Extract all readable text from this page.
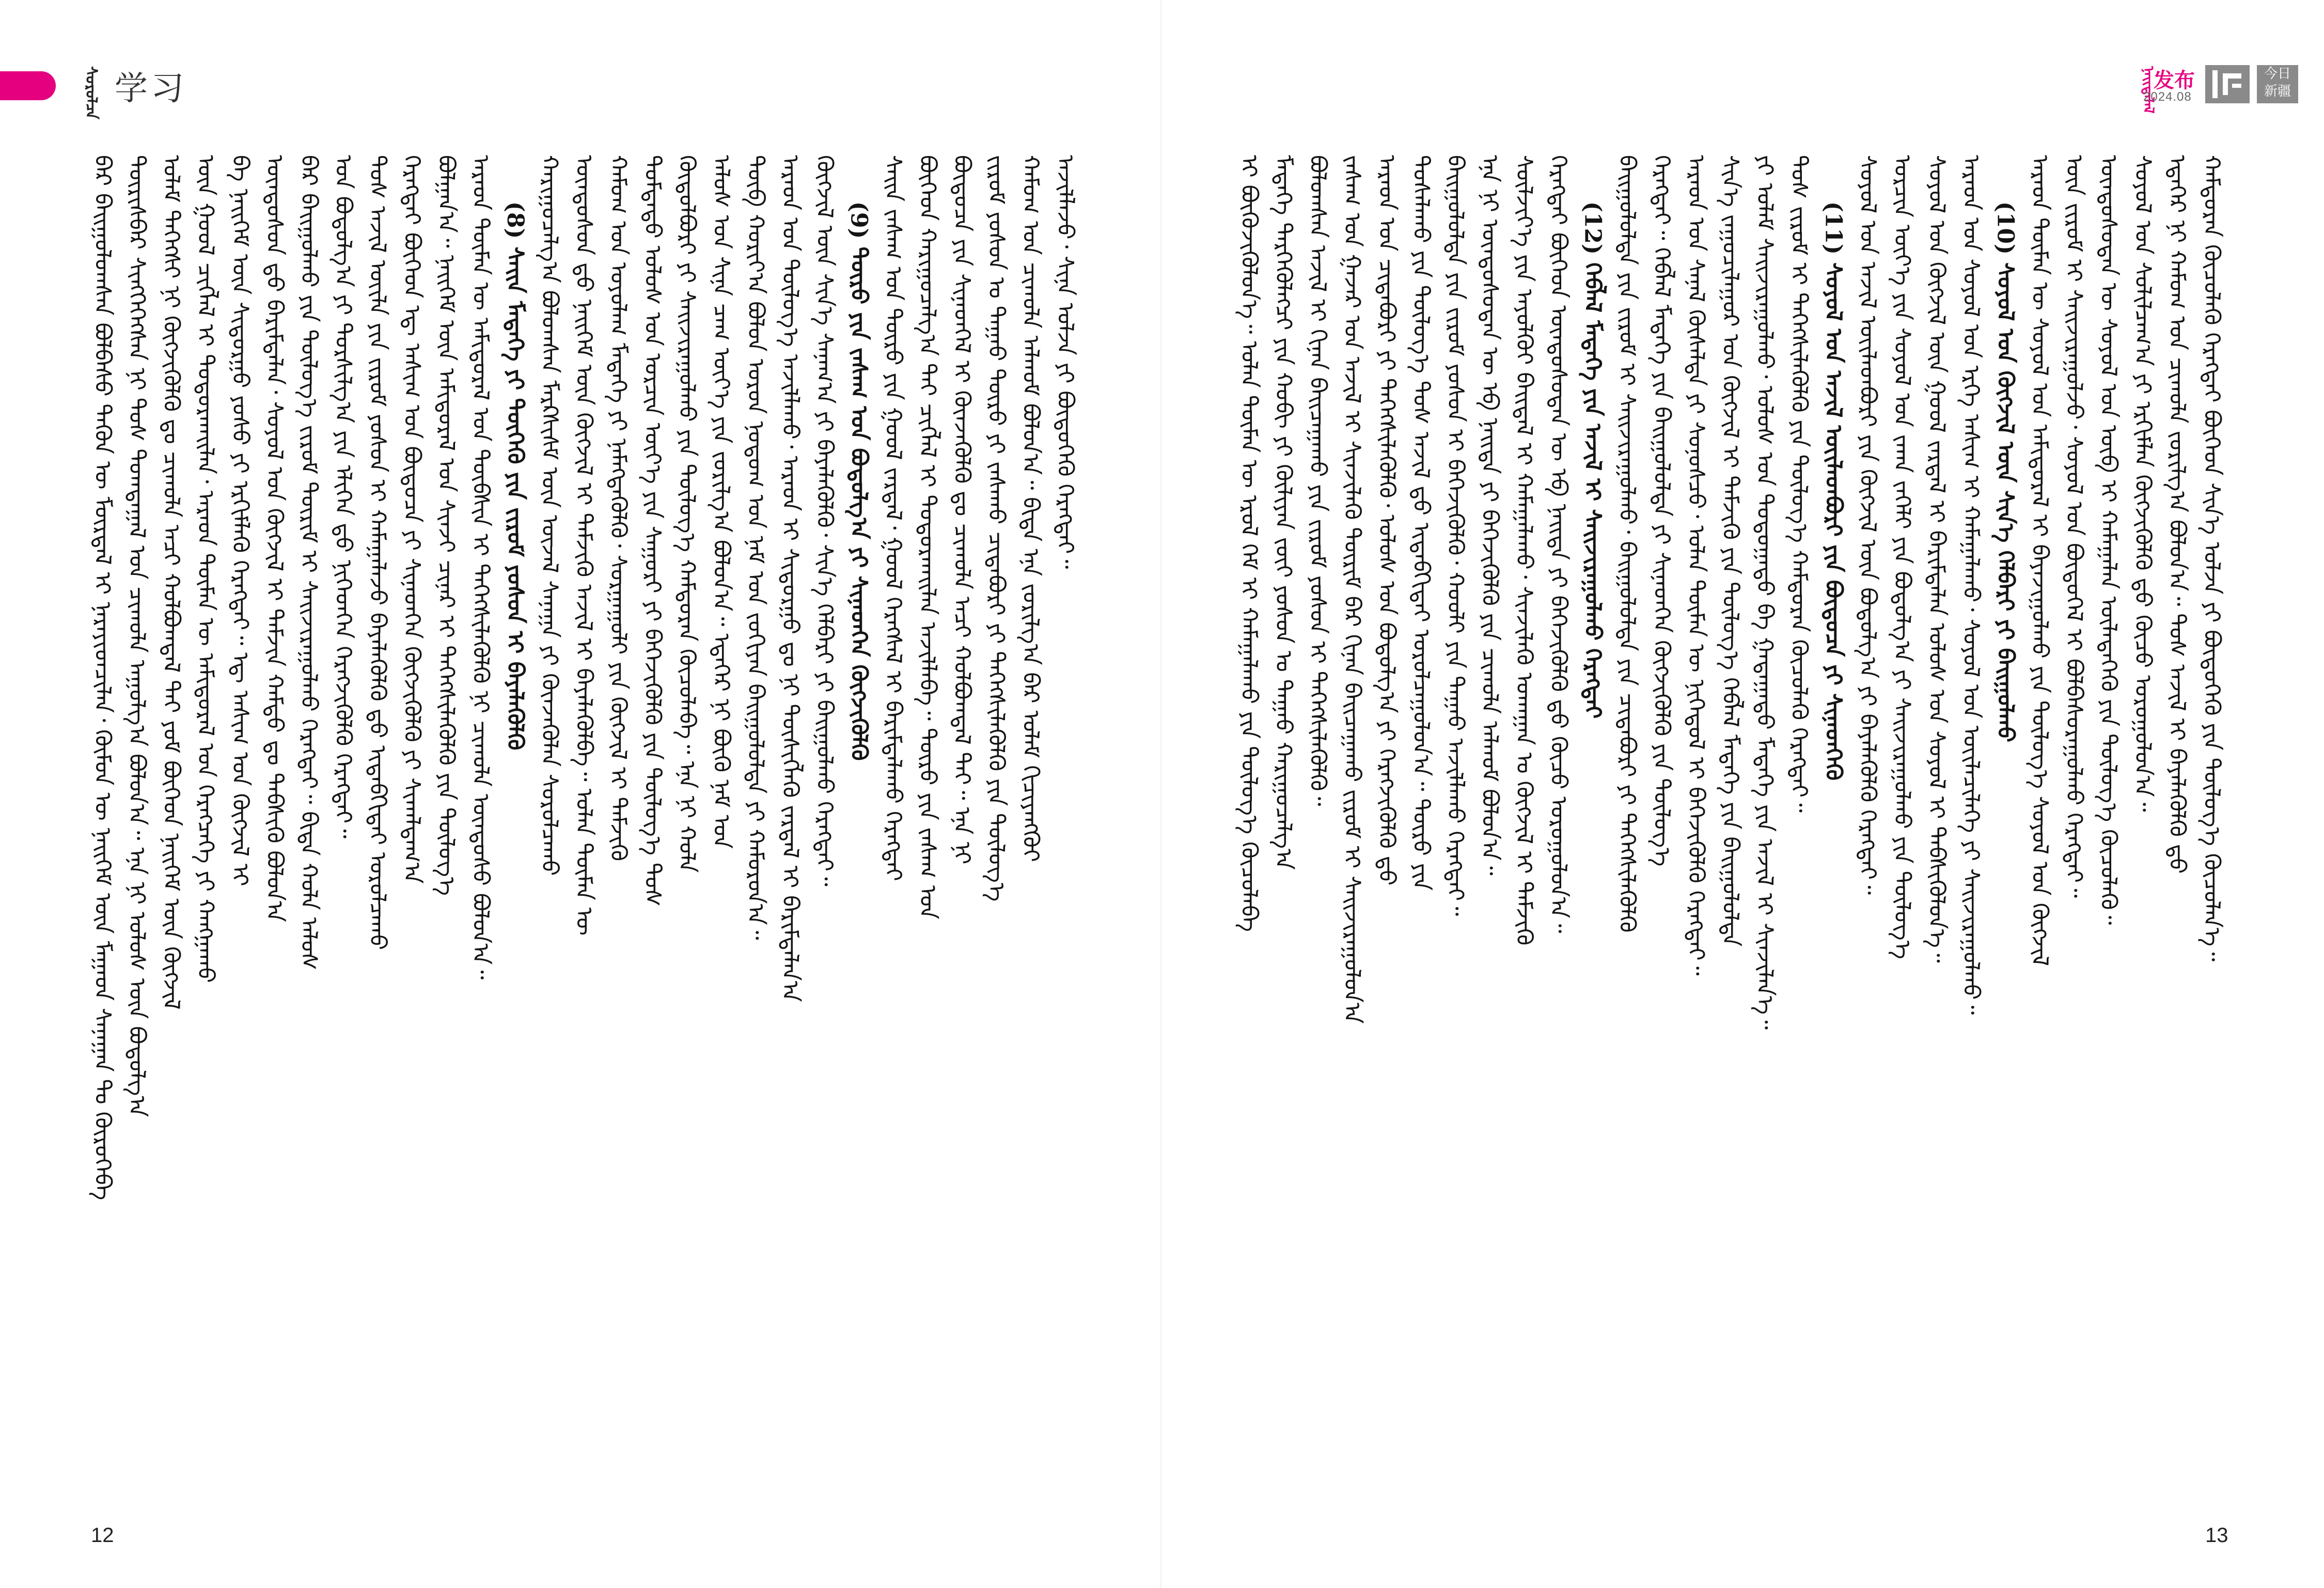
ᠰᠤᠷᠤᠯᠴᠠ 学习
ᠪᠡᠷ ᠪᠠᠢᠭᠤᠯᠤᠭᠰᠠᠨ ᠪᠣᠯᠪᠠᠰᠤ ᠲᠡᠭᠦᠨ ᠦ ᠮᠥᠷᠳᠡᠯ ᠢ ᠨᠡᠷᠡᠶᠢᠳᠴᠢᠯᠡᠨ᠂ ᠬᠦᠮᠦᠨ ᠦ ᠨᠡᠢᠭᠡᠮ ᠦᠨ ᠮᠠᠭᠠᠳ ᠰᠠᠨᠠᠭᠠᠨ ᠲᠤ ᠬᠦᠷᠦᠭᠡᠪᠡ ᠳᠦᠷᠢᠰᠪᠡᠷ ᠰᠢᠩᠭᠡᠭᠡᠭᠰᠡᠨ ᠨᠢ ᠲᠤᠰ ᠲᠣᠭᠲᠠᠭᠠᠯ ᠤᠨ ᠴᠢᠬᠤᠯᠠ ᠠᠭᠤᠯᠭ᠎ᠠ ᠪᠣᠯᠤᠨ᠎ᠠ᠃ ᠡᠨᠡ ᠨᠢ ᠤᠯᠤᠰ ᠦᠨ ᠪᠣᠳᠤᠯᠭ᠎ᠠ ᠤᠯᠠᠮ ᠳᠡᠭᠡᠭᠰᠢ ᠨᠢ ᠬᠥᠭᠵᠢᠭᠦᠯᠬᠦ ᠳᠤ ᠴᠢᠬᠤᠯᠠ ᠠᠴᠢ ᠬᠣᠯᠪᠣᠭᠳᠠᠯ ᠲᠠᠢ ᠶᠤᠮ ᠪᠥᠭᠡᠳ ᠨᠡᠢᠭᠡᠮ ᠦᠨ ᠬᠥᠭᠵᠢᠯ ᠦᠨ ᠭᠣᠣᠯ ᠴᠢᠭᠯᠡᠯ ᠢ ᠲᠣᠳᠤᠷᠬᠠᠢᠯᠠᠨ᠂ ᠠᠷᠠᠳ ᠲᠦᠮᠡᠨ ᠦ ᠠᠮᠢᠳᠤᠷᠠᠯ ᠤᠨ ᠬᠡᠷᠡᠭᠴᠡᠭᠡ ᠶᠢ ᠬᠠᠩᠭᠠᠬᠤ ᠪᠠ ᠨᠡᠢᠭᠡᠮ ᠦᠨ ᠰᠢᠳᠤᠷᠭᠤ ᠶᠣᠰᠤ ᠶᠢ ᠡᠷᠬᠢᠮᠯᠡᠬᠦ ᠬᠡᠷᠡᠭᠲᠡᠢ᠃ ᠡᠳ᠋ ᠠᠰᠢᠭ ᠤᠨ ᠬᠥᠭᠵᠢᠯ ᠢ ᠦᠨᠳᠦᠰᠦᠨ ᠳ᠋ᠦ ᠪᠠᠷᠢᠮᠲᠠᠯᠠᠨ᠂ ᠰᠣᠶᠣᠯ ᠤᠨ ᠬᠥᠭᠵᠢᠯ ᠢ ᠳᠡᠮᠵᠢᠨ ᠬᠠᠮᠲᠤ ᠳᠤ ᠳᠡᠪᠰᠢᠬᠦ ᠪᠣᠯᠤᠨ᠎ᠠ ᠪᠠᠷ ᠪᠠᠢᠭᠤᠯᠬᠤ ᠶᠢᠨ ᠲᠥᠯᠥᠭ᠎ᠡ ᠵᠢᠷᠤᠮ ᠳᠦᠷᠢᠮ ᠢ ᠰᠠᠢᠵᠢᠷᠠᠭᠤᠯᠬᠤ ᠬᠡᠷᠡᠭᠲᠡᠢ᠃ ᠪᠢᠳᠡ ᠬᠣᠯᠠ ᠠᠯᠤᠰ ᠤᠨ ᠪᠣᠳᠤᠯᠭ᠎ᠠ ᠶᠢ ᠲᠤᠷᠰᠢᠯᠭ᠎ᠠ ᠶᠢᠨ ᠡᠯᠢᠭᠡᠨ ᠳ᠋ᠦ ᠨᠢᠭᠡᠳᠬᠡᠨ ᠬᠡᠷᠡᠭᠵᠢᠭᠦᠯᠬᠦ ᠬᠡᠷᠡᠭᠲᠡᠢ᠃ ᠲᠤᠰ ᠠᠵᠢᠯ ᠦᠢᠯᠡ ᠶᠢᠨ ᠵᠢᠷᠤᠮ ᠶᠣᠰᠤᠨ ᠢ ᠬᠠᠮᠠᠭᠠᠯᠠᠵᠤ ᠪᠡᠶᠡᠯᠡᠭᠦᠯᠬᠦ ᠳ᠋ᠦ ᠢᠳᠡᠪᠬᠢᠲᠡᠢ ᠣᠷᠣᠯᠴᠠᠬᠤ ᠬᠡᠷᠡᠭᠲᠡᠢ ᠪᠥᠭᠡᠳ ᠡᠳ᠋ ᠠᠰᠢᠭ ᠤᠨ ᠪᠦᠲᠦᠴᠡ ᠶᠢ ᠰᠢᠨᠡᠳᠭᠡᠨ ᠬᠥᠭᠵᠢᠭᠦᠯᠬᠦ ᠶᠢ ᠰᠢᠬᠠᠯᠳᠠᠭ᠎ᠠ ᠪᠣᠯᠭᠠᠨ᠎ᠠ᠃ ᠨᠡᠢᠭᠡᠮ ᠦᠨ ᠠᠮᠢᠳᠤᠷᠠᠯ ᠤᠨ ᠰᠢᠨᠵᠢ ᠴᠢᠨᠠᠷ ᠢ ᠳᠡᠭᠡᠭᠰᠢᠯᠡᠭᠦᠯᠬᠦ ᠶᠢᠨ ᠲᠥᠯᠥᠭ᠎ᠡ ᠠᠷᠠᠳ ᠲᠦᠮᠡᠨ ᠦ ᠠᠮᠢᠳᠤᠷᠠᠯ ᠤᠨ ᠲᠦᠪᠰᠢᠨ ᠢ ᠳᠡᠭᠡᠭᠰᠢᠯᠡᠭᠦᠯᠬᠦ ᠨᠢ ᠴᠢᠬᠤᠯᠠ ᠦᠨᠳᠦᠰᠦ ᠪᠣᠯᠤᠨ᠎ᠠ᠃ (8) ᠰᠠᠢᠨ ᠮᠡᠳᠡᠭᠡ ᠶᠢ ᠲᠦᠭᠡᠬᠦ ᠶᠢᠨ ᠵᠢᠷᠤᠮ ᠶᠣᠰᠤᠨ ᠢ ᠪᠡᠶᠡᠯᠡᠭᠦᠯᠬᠦ ᠬᠠᠷᠢᠭᠤᠴᠠᠯᠭ᠎ᠠ ᠪᠣᠯᠤᠭᠰᠠᠨ ᠮᠠᠷᠺᠰᠢᠰᠮ ᠦᠨ ᠦᠵᠡᠯ ᠰᠠᠨᠠᠭᠠ ᠶᠢ ᠭᠦᠨᠵᠡᠭᠦᠯᠡᠨ ᠰᠣᠷᠤᠯᠴᠠᠬᠤ ᠦᠨᠳᠦᠰᠦᠨ ᠳ᠋ᠦ ᠨᠡᠢᠭᠡᠮ ᠦᠨ ᠬᠥᠭᠵᠢᠯ ᠢ ᠳᠡᠮᠵᠢᠬᠦ ᠠᠵᠢᠯ ᠢ ᠪᠡᠶᠡᠯᠡᠭᠦᠯᠪᠡ᠃ ᠣᠯᠠᠨ ᠳᠦᠮᠡᠨ ᠦ ᠬᠠᠮᠤᠭ ᠤᠨ ᠤᠶᠤᠯᠠᠭ ᠮᠡᠳᠡᠭᠡ ᠶᠢ ᠨᠡᠮᠡᠭᠳᠡᠭᠦᠯᠬᠦ᠂ ᠰᠤᠷᠭᠠᠭᠤᠯᠢ ᠶᠢᠨ ᠬᠥᠭᠵᠢᠯ ᠢ ᠳᠡᠮᠵᠢᠬᠦ ᠳᠤᠮᠳᠠᠳᠤ ᠤᠯᠤᠰ ᠤᠨ ᠣᠷᠴᠢᠨ ᠦᠶ᠎ᠡ ᠶᠢᠨ ᠰᠠᠭᠤᠷᠢ ᠶᠢ ᠪᠡᠬᠡᠵᠢᠭᠦᠯᠬᠦ ᠶᠢᠨ ᠲᠥᠯᠥᠭ᠎ᠡ ᠲᠤᠰ ᠬᠥᠲᠦᠯᠪᠦᠷᠢ ᠶᠢ ᠰᠠᠢᠵᠢᠷᠠᠭᠤᠯᠬᠤ ᠶᠢᠨ ᠲᠥᠯᠥᠭ᠎ᠡ ᠬᠠᠮᠲᠤᠷᠠᠨ ᠬᠥᠴᠦᠯᠡᠪᠡ᠃ ᠡᠨᠡ ᠨᠢ ᠬᠣᠯᠠ ᠠᠯᠤᠰ ᠤᠨ ᠰᠢᠨᠡ ᠴᠠᠭ ᠦᠶ᠎ᠡ ᠶᠢᠨ ᠵᠣᠷᠢᠯᠭ᠎ᠠ ᠪᠣᠯᠤᠨ᠎ᠠ᠃ ᠡᠳᠡᠭᠡᠷ ᠨᠢ ᠪᠦᠬᠦ ᠨᠠᠮ ᠤᠨ ᠲᠥᠪ ᠬᠣᠷᠢᠶ᠎ᠠ ᠪᠣᠯᠤᠨ ᠣᠷᠤᠨ ᠨᠤᠲᠤᠭ ᠤᠨ ᠨᠠᠮ ᠤᠨ ᠵᠣᠬᠢᠶᠠᠨ ᠪᠠᠢᠭᠤᠯᠤᠯᠲᠠ ᠶᠢ ᠬᠠᠮᠤᠷᠤᠨ᠎ᠠ᠃ ᠠᠷᠠᠳ ᠤᠨ ᠲᠥᠯᠥᠭ᠎ᠡ ᠠᠵᠢᠯᠯᠠᠬᠤ᠂ ᠠᠷᠠᠳ ᠢ ᠰᠢᠳᠤᠷᠭᠤ ᠳᠤ ᠨᠢ ᠲᠦᠰᠢᠭᠯᠡᠬᠦ ᠵᠠᠷᠳᠠᠯ ᠢ ᠪᠠᠷᠢᠮᠲᠠᠯᠠᠨ᠎ᠠ ᠬᠥᠭᠵᠢᠯ ᠦᠨ ᠰᠢᠨ᠎ᠡ ᠰᠠᠨᠠᠭ᠎ᠠ ᠶᠢ ᠪᠡᠶᠡᠯᠡᠭᠦᠯᠬᠦ᠂ ᠰᠢᠨ᠎ᠡ ᠬᠡᠯᠪᠡᠷᠢ ᠶᠢ ᠪᠠᠢᠭᠤᠯᠬᠤ ᠬᠡᠷᠡᠭᠲᠡᠢ᠃ (9) ᠲᠥᠷᠥ ᠶᠢᠨ ᠵᠠᠰᠠᠭ ᠤᠨ ᠪᠣᠳᠤᠯᠭ᠎ᠠ ᠶᠢ ᠰᠢᠨᠡᠳᠭᠡᠨ ᠬᠥᠭᠵᠢᠭᠦᠯᠬᠦ ᠰᠠᠢᠨ ᠵᠠᠰᠠᠭ ᠤᠨ ᠲᠥᠷᠥ ᠶᠢᠨ ᠭᠣᠣᠯ ᠵᠠᠷᠳᠠᠯ᠂ ᠭᠣᠣᠯ ᠬᠡᠷᠡᠭᠰᠡᠯ ᠢ ᠪᠠᠷᠢᠮᠲᠠᠯᠠᠬᠤ ᠬᠡᠷᠡᠭᠲᠡᠢ ᠪᠥᠭᠡᠳ ᠬᠠᠷᠢᠭᠤᠴᠠᠯᠭ᠎ᠠ ᠲᠠᠢ ᠴᠢᠭᠯᠡᠯ ᠢ ᠲᠣᠳᠤᠷᠬᠠᠢᠯᠠᠨ ᠠᠵᠢᠯᠯᠠᠪᠠ᠃ ᠲᠥᠷᠥ ᠶᠢᠨ ᠵᠠᠰᠠᠭ ᠤᠨ ᠪᠦᠲᠦᠴᠡ ᠶᠢᠨ ᠰᠢᠨᠡᠳᠭᠡᠯ ᠢ ᠭᠦᠨᠵᠡᠭᠦᠯᠬᠦ ᠳᠤ ᠴᠢᠬᠤᠯᠠ ᠠᠴᠢ ᠬᠣᠯᠪᠣᠭᠳᠠᠯ ᠲᠠᠢ᠃ ᠡᠨᠡ ᠨᠢ ᠵᠢᠷᠤᠮ ᠶᠣᠰᠤᠨ ᠤ ᠳᠠᠭᠠᠤ ᠲᠥᠷᠥ ᠶᠢ ᠵᠠᠰᠠᠬᠤ ᠴᠢᠳᠠᠪᠤᠷᠢ ᠶᠢ ᠳᠡᠭᠡᠭᠰᠢᠯᠡᠭᠦᠯᠬᠦ ᠶᠢᠨ ᠲᠥᠯᠥᠭ᠎ᠡ ᠬᠠᠮᠤᠭ ᠤᠨ ᠴᠢᠬᠤᠯᠠ ᠠᠯᠬᠤᠮ ᠪᠣᠯᠤᠨ᠎ᠠ᠃ ᠪᠢᠳᠡ ᠡᠨᠡ ᠵᠣᠷᠢᠯᠭ᠎ᠠ ᠪᠠᠷ ᠤᠯᠠᠮ ᠬᠢᠴᠢᠶᠡᠩᠭᠦᠢ ᠠᠵᠢᠯᠯᠠᠵᠤ᠂ ᠰᠢᠨᠡ ᠣᠯᠵᠠ ᠶᠢ ᠪᠦᠲᠦᠭᠡᠬᠦ ᠬᠡᠷᠡᠭᠲᠡᠢ᠃
12
ᠨᠡᠢᠲᠡᠯᠡᠯ
发布
2024.08
今日 新疆
ᠢ ᠪᠥᠬᠥᠵᠢᠭᠦᠯᠦᠨ᠎ᠡ᠃ ᠣᠯᠠᠨ ᠲᠦᠮᠡᠨ ᠦ ᠡᠷᠦᠯ ᠬᠡᠮ ᠢ ᠬᠠᠮᠠᠭᠠᠯᠠᠬᠤ ᠶᠢᠨ ᠲᠥᠯᠥᠭ᠎ᠡ ᠬᠥᠴᠦᠯᠡᠪᠡ ᠮᠡᠳᠡᠭᠡ ᠲᠡᠷᠭᠡᠭᠦᠯᠡᠭᠴᠢ ᠶᠢᠨ ᠬᠤᠪᠢ ᠶᠢ ᠬᠦᠯᠢᠶᠡᠨ ᠵᠦᠢ ᠶᠣᠰᠤᠨ ᠤ ᠳᠠᠭᠠᠤ ᠬᠠᠷᠢᠭᠤᠴᠠᠯᠭ᠎ᠠ ᠪᠣᠯᠤᠭᠰᠠᠨ ᠠᠵᠢᠯ ᠢ ᠬᠢᠨᠠᠨ ᠪᠠᠢᠴᠠᠭᠠᠬᠤ ᠶᠢᠨ ᠵᠢᠷᠤᠮ ᠶᠣᠰᠤᠨ ᠢ ᠳᠡᠭᠡᠭᠰᠢᠯᠡᠭᠦᠯᠬᠦ᠃ ᠵᠠᠰᠠᠭ ᠤᠨ ᠭᠠᠵᠠᠷ ᠤᠨ ᠠᠵᠢᠯ ᠢ ᠰᠢᠨᠵᠢᠯᠡᠬᠦ ᠳᠦᠷᠢᠮ ᠪᠠᠷ ᠬᠢᠨᠠᠨ ᠪᠠᠢᠴᠠᠭᠠᠬᠤ ᠵᠢᠷᠤᠮ ᠢ ᠰᠠᠢᠵᠢᠷᠠᠭᠤᠯᠤᠨ᠎ᠠ ᠠᠷᠠᠳ ᠤᠨ ᠴᠢᠳᠠᠪᠤᠷᠢ ᠶᠢ ᠳᠡᠭᠡᠭᠰᠢᠯᠡᠭᠦᠯᠬᠦ᠂ ᠤᠯᠤᠰ ᠤᠨ ᠪᠣᠳᠤᠯᠭ᠎ᠠ ᠶᠢ ᠬᠡᠷᠡᠭᠵᠢᠭᠦᠯᠬᠦ ᠳ᠋ᠦ ᠲᠤᠰᠠᠯᠠᠬᠤ ᠶᠢᠨ ᠲᠥᠯᠥᠭ᠎ᠡ ᠲᠤᠰ ᠠᠵᠢᠯ ᠳ᠋ᠦ ᠢᠳᠡᠪᠬᠢᠲᠡᠢ ᠣᠷᠣᠯᠴᠠᠭᠤᠯᠤᠨ᠎ᠠ᠃ ᠲᠥᠷᠥ ᠶᠢᠨ ᠪᠠᠢᠭᠤᠯᠤᠯᠲᠠ ᠶᠢᠨ ᠵᠢᠷᠤᠮ ᠶᠣᠰᠤᠨ ᠢ ᠪᠡᠬᠡᠵᠢᠭᠦᠯᠬᠦ᠂ ᠬᠤᠤᠯᠢ ᠶᠢᠨ ᠳᠠᠭᠠᠤ ᠠᠵᠢᠯᠯᠠᠬᠤ ᠬᠡᠷᠡᠭᠲᠡᠢ᠃ ᠡᠨᠡ ᠨᠢ ᠦᠨᠳᠦᠰᠦᠲᠡᠨ ᠦ ᠡᠪ ᠨᠡᠢᠲᠡ ᠶᠢ ᠪᠡᠬᠡᠵᠢᠭᠦᠯᠬᠦ ᠶᠢᠨ ᠴᠢᠬᠤᠯᠠ ᠠᠯᠬᠤᠮ ᠪᠣᠯᠤᠨ᠎ᠠ᠃ ᠰᠦᠯᠵᠢᠶ᠎ᠡ ᠶᠢᠨ ᠠᠶᠤᠯᠭᠦᠢ ᠪᠠᠢᠳᠠᠯ ᠢ ᠬᠠᠮᠠᠭᠠᠯᠠᠬᠤ᠂ ᠰᠢᠨᠵᠢᠯᠡᠬᠦ ᠤᠬᠠᠭᠠᠨ ᠤ ᠬᠥᠭᠵᠢᠯ ᠢ ᠳᠡᠮᠵᠢᠬᠦ ᠬᠡᠷᠡᠭᠲᠡᠢ ᠪᠥᠭᠡᠳ ᠦᠨᠳᠦᠰᠦᠲᠡᠨ ᠦ ᠡᠪ ᠨᠡᠢᠲᠡ ᠶᠢ ᠪᠡᠬᠡᠵᠢᠭᠦᠯᠬᠦ ᠳ᠋ᠦ ᠬᠦᠴᠦ ᠣᠷᠣᠭᠤᠯᠤᠨ᠎ᠠ᠃ (12) ᠬᠡᠪᠯᠡᠯ ᠮᠡᠳᠡᠭᠡ ᠶᠢᠨ ᠠᠵᠢᠯ ᠢ ᠰᠠᠢᠵᠢᠷᠠᠭᠤᠯᠬᠤ ᠬᠡᠷᠡᠭᠲᠡᠢ ᠪᠠᠢᠭᠤᠯᠤᠯᠲᠠ ᠶᠢᠨ ᠵᠢᠷᠤᠮ ᠢ ᠰᠠᠢᠵᠢᠷᠠᠭᠤᠯᠬᠤ᠂ ᠪᠠᠢᠭᠤᠯᠤᠯᠲᠠ ᠶᠢᠨ ᠴᠢᠳᠠᠪᠤᠷᠢ ᠶᠢ ᠳᠡᠭᠡᠭᠰᠢᠯᠡᠭᠦᠯᠬᠦ ᠬᠡᠷᠡᠭᠲᠡᠢ᠃ ᠬᠡᠪᠯᠡᠯ ᠮᠡᠳᠡᠭᠡ ᠶᠢᠨ ᠪᠠᠢᠭᠤᠯᠤᠯᠲᠠ ᠶᠢ ᠰᠢᠨᠡᠳᠭᠡᠨ ᠬᠥᠭᠵᠢᠭᠦᠯᠬᠦ ᠶᠢᠨ ᠲᠥᠯᠥᠭ᠎ᠡ ᠠᠷᠠᠳ ᠤᠨ ᠰᠠᠨᠠᠯ ᠬᠦᠰᠡᠯᠲᠡ ᠶᠢ ᠰᠣᠨᠣᠰᠴᠤ᠂ ᠣᠯᠠᠨ ᠲᠦᠮᠡᠨ ᠦ ᠨᠢᠭᠡᠳᠦᠯ ᠢ ᠪᠡᠬᠡᠵᠢᠭᠦᠯᠬᠦ ᠬᠡᠷᠡᠭᠲᠡᠢ᠃ ᠰᠢᠨ᠎ᠡ ᠵᠠᠭᠤᠴᠢᠯᠠᠭᠤᠷ ᠤᠨ ᠬᠥᠭᠵᠢᠯ ᠢ ᠳᠡᠮᠵᠢᠬᠦ ᠶᠢᠨ ᠲᠥᠯᠥᠭ᠎ᠡ ᠬᠡᠪᠯᠡᠯ ᠮᠡᠳᠡᠭᠡ ᠶᠢᠨ ᠪᠠᠢᠭᠤᠯᠤᠯᠲᠠ ᠶᠢ ᠤᠯᠠᠮ ᠰᠠᠢᠵᠢᠷᠠᠭᠤᠯᠬᠤ᠂ ᠤᠯᠤᠰ ᠤᠨ ᠳᠤᠲᠤᠭᠠᠳᠤ ᠪᠠ ᠭᠠᠳᠠᠭᠠᠳᠤ ᠮᠡᠳᠡᠭᠡ ᠶᠢᠨ ᠠᠵᠢᠯ ᠢ ᠰᠢᠨᠵᠢᠯᠡᠨ᠎ᠡ᠃ ᠲᠤᠰ ᠵᠢᠷᠤᠮ ᠢ ᠳᠡᠭᠡᠭᠰᠢᠯᠡᠭᠦᠯᠬᠦ ᠶᠢᠨ ᠲᠥᠯᠥᠭ᠎ᠡ ᠬᠠᠮᠲᠤᠷᠠᠨ ᠬᠥᠴᠦᠯᠡᠬᠦ ᠬᠡᠷᠡᠭᠲᠡᠢ᠃ (11) ᠰᠣᠶᠣᠯ ᠤᠨ ᠠᠵᠢᠯ ᠦᠢᠯᠡᠳᠪᠦᠷᠢ ᠶᠢᠨ ᠪᠦᠲᠦᠴᠡ ᠶᠢ ᠰᠢᠨᠡᠳᠭᠡᠬᠦ ᠰᠣᠶᠣᠯ ᠤᠨ ᠠᠵᠢᠯ ᠦᠢᠯᠡᠳᠪᠦᠷᠢ ᠶᠢᠨ ᠬᠥᠭᠵᠢᠯ ᠦᠨ ᠪᠣᠳᠤᠯᠭ᠎ᠠ ᠶᠢ ᠪᠡᠶᠡᠯᠡᠭᠦᠯᠬᠦ ᠬᠡᠷᠡᠭᠲᠡᠢ᠃ ᠣᠷᠴᠢᠨ ᠦᠶ᠎ᠡ ᠶᠢᠨ ᠰᠣᠶᠣᠯ ᠤᠨ ᠵᠠᠬᠠ ᠵᠡᠭᠡᠯᠢ ᠶᠢᠨ ᠪᠣᠳᠤᠯᠭ᠎ᠠ ᠶᠢ ᠰᠠᠢᠵᠢᠷᠠᠭᠤᠯᠬᠤ ᠶᠢᠨ ᠲᠥᠯᠥᠭ᠎ᠡ ᠰᠣᠶᠣᠯ ᠤᠨ ᠬᠥᠭᠵᠢᠯ ᠦᠨ ᠭᠣᠣᠯ ᠵᠠᠷᠳᠠᠯ ᠢ ᠪᠠᠷᠢᠮᠲᠠᠯᠠᠨ ᠤᠯᠤᠰ ᠤᠨ ᠰᠣᠶᠣᠯ ᠢ ᠳᠡᠪᠰᠢᠭᠦᠯᠦᠨ᠎ᠡ᠃ ᠠᠷᠠᠳ ᠤᠨ ᠰᠣᠶᠣᠯ ᠤᠨ ᠡᠷᠬᠡ ᠠᠰᠢᠭ ᠢ ᠬᠠᠮᠠᠭᠠᠯᠠᠬᠤ᠂ ᠰᠣᠶᠣᠯ ᠤᠨ ᠦᠢᠯᠡᠴᠢᠯᠡᠭᠡ ᠶᠢ ᠰᠠᠢᠵᠢᠷᠠᠭᠤᠯᠬᠤ᠃ (10) ᠰᠣᠶᠣᠯ ᠤᠨ ᠬᠥᠭᠵᠢᠯ ᠦᠨ ᠰᠢᠨ᠎ᠡ ᠬᠡᠯᠪᠡᠷᠢ ᠶᠢ ᠪᠠᠢᠭᠤᠯᠬᠤ ᠠᠷᠠᠳ ᠲᠦᠮᠡᠨ ᠦ ᠰᠣᠶᠣᠯ ᠤᠨ ᠠᠮᠢᠳᠤᠷᠠᠯ ᠢ ᠪᠠᠶᠠᠵᠢᠭᠤᠯᠬᠤ ᠶᠢᠨ ᠲᠥᠯᠥᠭ᠎ᠡ ᠰᠣᠶᠣᠯ ᠤᠨ ᠬᠥᠭᠵᠢᠯ ᠦᠨ ᠵᠢᠷᠤᠮ ᠢ ᠰᠠᠢᠵᠢᠷᠠᠭᠤᠯᠵᠤ᠂ ᠰᠣᠶᠣᠯ ᠤᠨ ᠪᠦᠲᠦᠭᠡᠯ ᠢ ᠪᠣᠯᠪᠠᠰᠤᠷᠠᠭᠤᠯᠬᠤ ᠬᠡᠷᠡᠭᠲᠡᠢ᠃ ᠦᠨᠳᠦᠰᠦᠲᠡᠨ ᠦ ᠰᠣᠶᠣᠯ ᠤᠨ ᠥᠪ ᠢ ᠬᠠᠮᠠᠭᠠᠯᠠᠨ ᠦᠯᠡᠳᠡᠭᠡᠬᠦ ᠶᠢᠨ ᠲᠥᠯᠥᠭ᠎ᠡ ᠬᠥᠴᠦᠯᠡᠬᠦ᠃ ᠰᠣᠶᠣᠯ ᠤᠨ ᠰᠣᠯᠢᠯᠴᠠᠭ᠎ᠠ ᠶᠢ ᠡᠷᠬᠢᠮᠯᠡᠨ ᠬᠥᠭᠵᠢᠭᠦᠯᠬᠦ ᠳ᠋ᠦ ᠬᠦᠴᠦ ᠣᠷᠣᠭᠤᠯᠤᠨ᠎ᠠ᠃ ᠡᠳᠡᠭᠡᠷ ᠨᠢ ᠬᠠᠮᠤᠭ ᠤᠨ ᠴᠢᠬᠤᠯᠠ ᠵᠣᠷᠢᠯᠭ᠎ᠠ ᠪᠣᠯᠤᠨ᠎ᠠ᠃ ᠲᠤᠰ ᠠᠵᠢᠯ ᠢ ᠪᠡᠶᠡᠯᠡᠭᠦᠯᠬᠦ ᠳ᠋ᠦ ᠬᠠᠮᠲᠤᠷᠠᠨ ᠬᠥᠴᠦᠯᠡᠬᠦ ᠬᠡᠷᠡᠭᠲᠡᠢ ᠪᠥᠭᠡᠳ ᠰᠢᠨ᠎ᠡ ᠣᠯᠵᠠ ᠶᠢ ᠪᠦᠲᠦᠭᠡᠬᠦ ᠶᠢᠨ ᠲᠥᠯᠥᠭ᠎ᠡ ᠬᠥᠴᠦᠯᠡᠨ᠎ᠡ᠃
13
